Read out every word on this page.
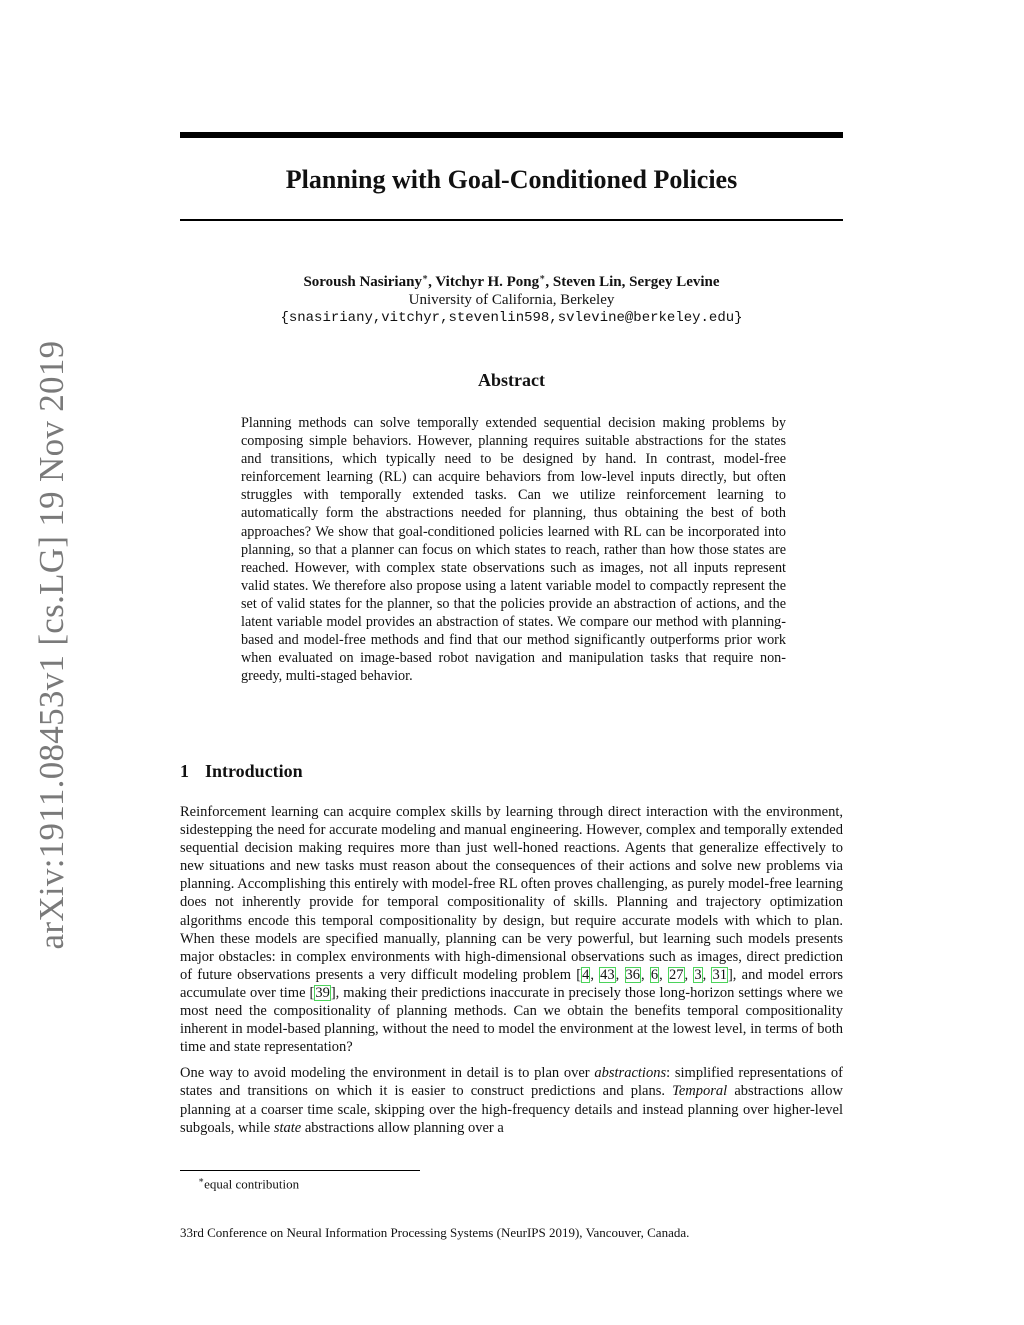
arXiv:1911.08453v1 [cs.LG] 19 Nov 2019
Planning with Goal-Conditioned Policies
Soroush Nasiriany∗, Vitchyr H. Pong∗, Steven Lin, Sergey Levine
University of California, Berkeley
{snasiriany,vitchyr,stevenlin598,svlevine@berkeley.edu}
Abstract

Planning methods can solve temporally extended sequential decision making problems by composing simple behaviors. However, planning requires suitable abstractions for the states and transitions, which typically need to be designed by hand. In contrast, model-free reinforcement learning (RL) can acquire behaviors from low-level inputs directly, but often struggles with temporally extended tasks. Can we utilize reinforcement learning to automatically form the abstractions needed for planning, thus obtaining the best of both approaches? We show that goal-conditioned policies learned with RL can be incorporated into planning, so that a planner can focus on which states to reach, rather than how those states are reached. However, with complex state observations such as images, not all inputs represent valid states. We therefore also propose using a latent variable model to compactly represent the set of valid states for the planner, so that the policies provide an abstraction of actions, and the latent variable model provides an abstraction of states. We compare our method with planning-based and model-free methods and find that our method significantly outperforms prior work when evaluated on image-based robot navigation and manipulation tasks that require non-greedy, multi-staged behavior.

1 Introduction

Reinforcement learning can acquire complex skills by learning through direct interaction with the environment, sidestepping the need for accurate modeling and manual engineering. However, complex and temporally extended sequential decision making requires more than just well-honed reactions. Agents that generalize effectively to new situations and new tasks must reason about the consequences of their actions and solve new problems via planning. Accomplishing this entirely with model-free RL often proves challenging, as purely model-free learning does not inherently provide for temporal compositionality of skills. Planning and trajectory optimization algorithms encode this temporal compositionality by design, but require accurate models with which to plan. When these models are specified manually, planning can be very powerful, but learning such models presents major obstacles: in complex environments with high-dimensional observations such as images, direct prediction of future observations presents a very difficult modeling problem [4, 43, 36, 6, 27, 3, 31], and model errors accumulate over time [39], making their predictions inaccurate in precisely those long-horizon settings where we most need the compositionality of planning methods. Can we obtain the benefits temporal compositionality inherent in model-based planning, without the need to model the environment at the lowest level, in terms of both time and state representation?

One way to avoid modeling the environment in detail is to plan over abstractions: simplified representations of states and transitions on which it is easier to construct predictions and plans. Temporal abstractions allow planning at a coarser time scale, skipping over the high-frequency details and instead planning over higher-level subgoals, while state abstractions allow planning over a

∗equal contribution
33rd Conference on Neural Information Processing Systems (NeurIPS 2019), Vancouver, Canada.
